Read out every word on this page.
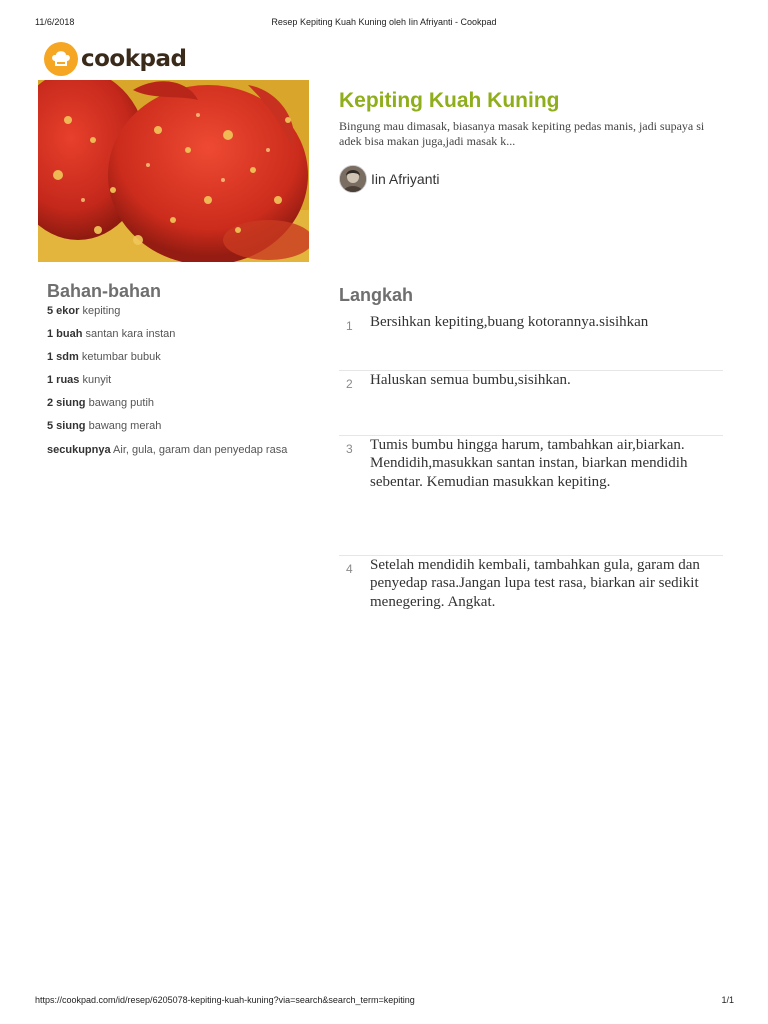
11/6/2018	Resep Kepiting Kuah Kuning oleh Iin Afriyanti - Cookpad
cookpad
Kepiting Kuah Kuning

Bingung mau dimasak, biasanya masak kepiting pedas manis, jadi supaya si adek bisa makan juga,jadi masak k...

Iin Afriyanti
Bahan-bahan
5 ekor kepiting
1 buah santan kara instan
1 sdm ketumbar bubuk
1 ruas kunyit
2 siung bawang putih
5 siung bawang merah
secukupnya Air, gula, garam dan penyedap rasa
Langkah
1 Bersihkan kepiting,buang kotorannya.sisihkan
2 Haluskan semua bumbu,sisihkan.
3 Tumis bumbu hingga harum, tambahkan air,biarkan. Mendidih,masukkan santan instan, biarkan mendidih sebentar. Kemudian masukkan kepiting.
4 Setelah mendidih kembali, tambahkan gula, garam dan penyedap rasa.Jangan lupa test rasa, biarkan air sedikit menegering. Angkat.
https://cookpad.com/id/resep/6205078-kepiting-kuah-kuning?via=search&search_term=kepiting	1/1
